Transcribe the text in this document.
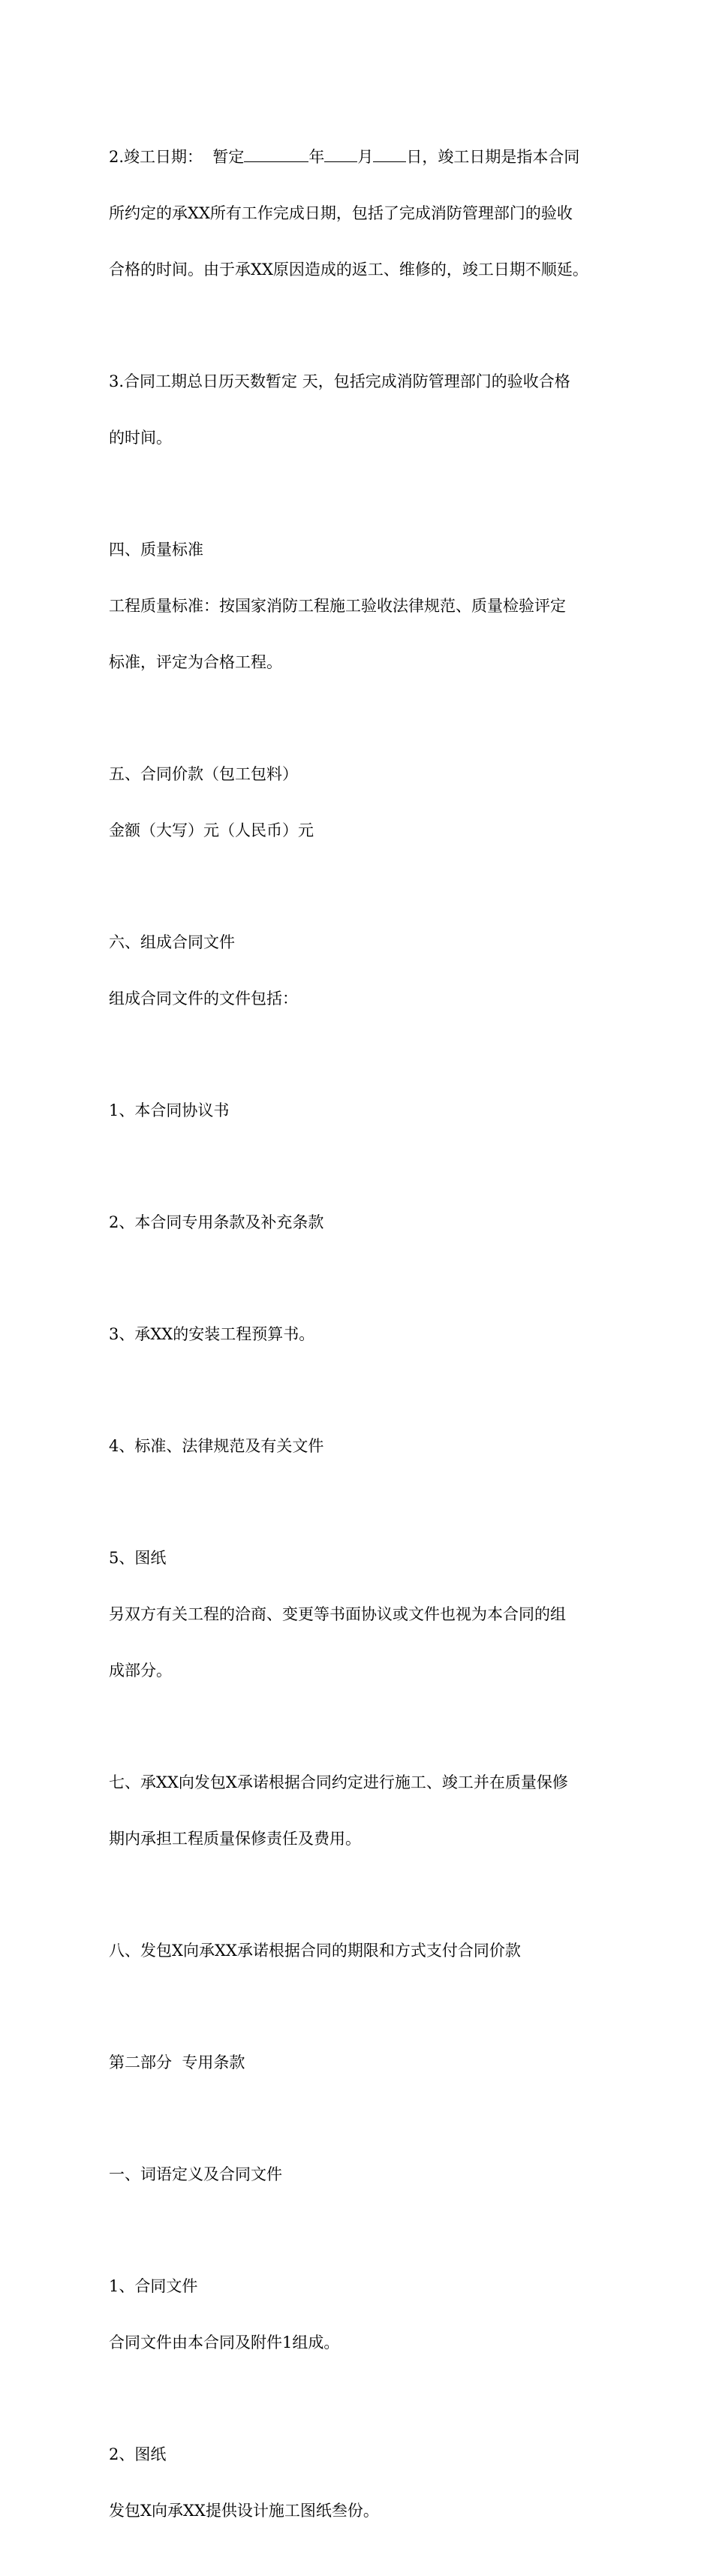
2.竣工日期：  暂定	年 月 日，竣工日期是指本合同

所约定的承XX所有工作完成日期，包括了完成消防管理部门的验收

合格的时间。由于承XX原因造成的返工、维修的，竣工日期不顺延。

3.合同工期总日历天数暂定 天，包括完成消防管理部门的验收合格

的时间。

四、质量标准

工程质量标准：按国家消防工程施工验收法律规范、质量检验评定

标准，评定为合格工程。

五、合同价款（包工包料）

金额（大写）元（人民币）元

六、组成合同文件

组成合同文件的文件包括：

1、本合同协议书

2、本合同专用条款及补充条款

3、承XX的安装工程预算书。

4、标准、法律规范及有关文件

5、图纸

另双方有关工程的洽商、变更等书面协议或文件也视为本合同的组

成部分。

七、承XX向发包X承诺根据合同约定进行施工、竣工并在质量保修

期内承担工程质量保修责任及费用。

八、发包X向承XX承诺根据合同的期限和方式支付合同价款

第二部分  专用条款

一、词语定义及合同文件

1、合同文件

合同文件由本合同及附件1组成。

2、图纸

发包X向承XX提供设计施工图纸叁份。
